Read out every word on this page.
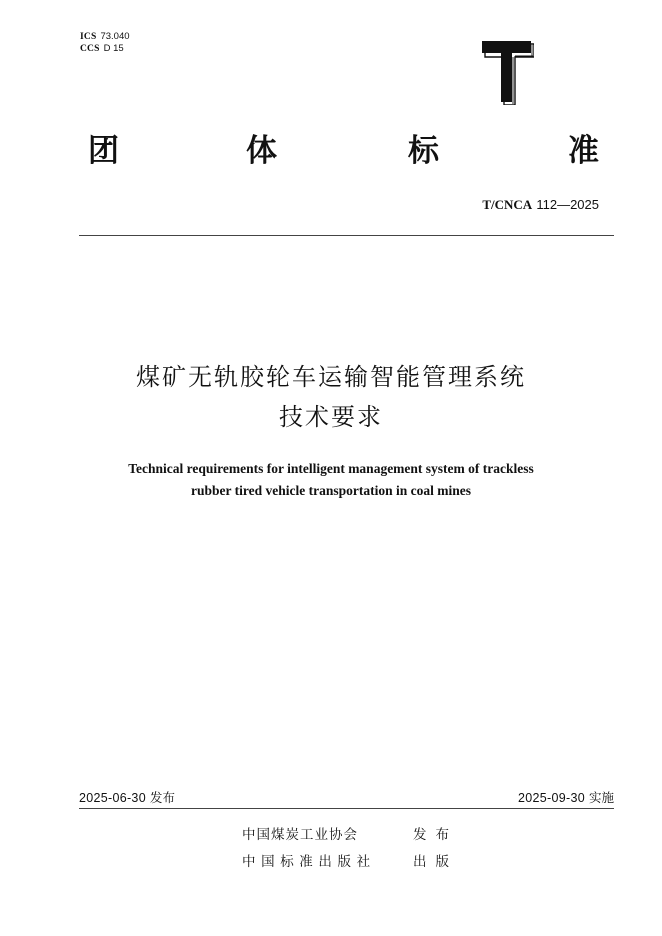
ICS 73.040
CCS D 15
团	体	标	准
T/CNCA 112—2025
煤矿无轨胶轮车运输智能管理系统
技术要求
Technical requirements for intelligent management system of trackless
rubber tired vehicle transportation in coal mines
2025-06-30 发布	2025-09-30 实施
中国煤炭工业协会	发布
中国标准出版社	出版
